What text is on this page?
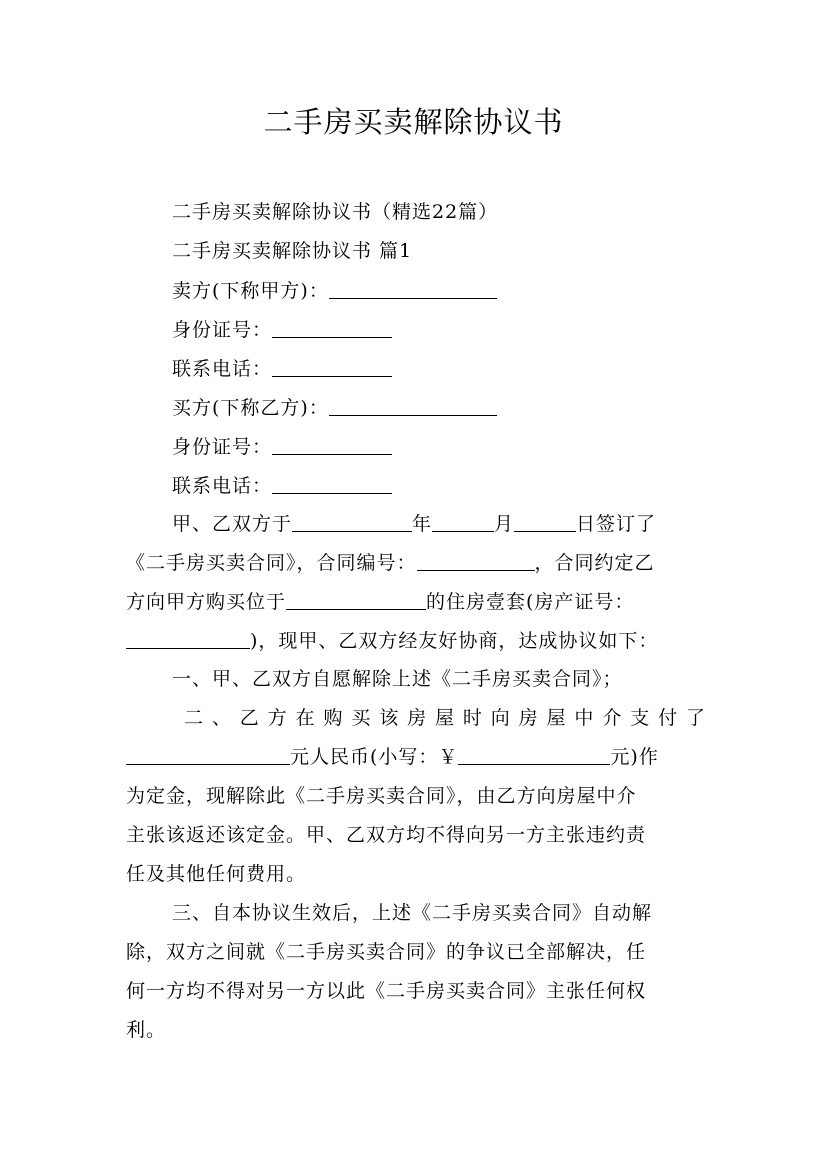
二手房买卖解除协议书
二手房买卖解除协议书（精选22篇）
二手房买卖解除协议书 篇1
卖方(下称甲方)：
身份证号：
联系电话：
买方(下称乙方)：
身份证号：
联系电话：
甲、乙双方于	年	月	日签订了
《二手房买卖合同》，合同编号：	，合同约定乙
方向甲方购买位于	的住房壹套(房产证号：
)，现甲、乙双方经友好协商，达成协议如下：
一、甲、乙双方自愿解除上述《二手房买卖合同》；
二、乙方在购买该房屋时向房屋中介支付了
元人民币(小写：￥	元)作
为定金，现解除此《二手房买卖合同》，由乙方向房屋中介
主张该返还该定金。甲、乙双方均不得向另一方主张违约责
任及其他任何费用。
三、自本协议生效后，上述《二手房买卖合同》自动解
除，双方之间就《二手房买卖合同》的争议已全部解决，任
何一方均不得对另一方以此《二手房买卖合同》主张任何权
利。
